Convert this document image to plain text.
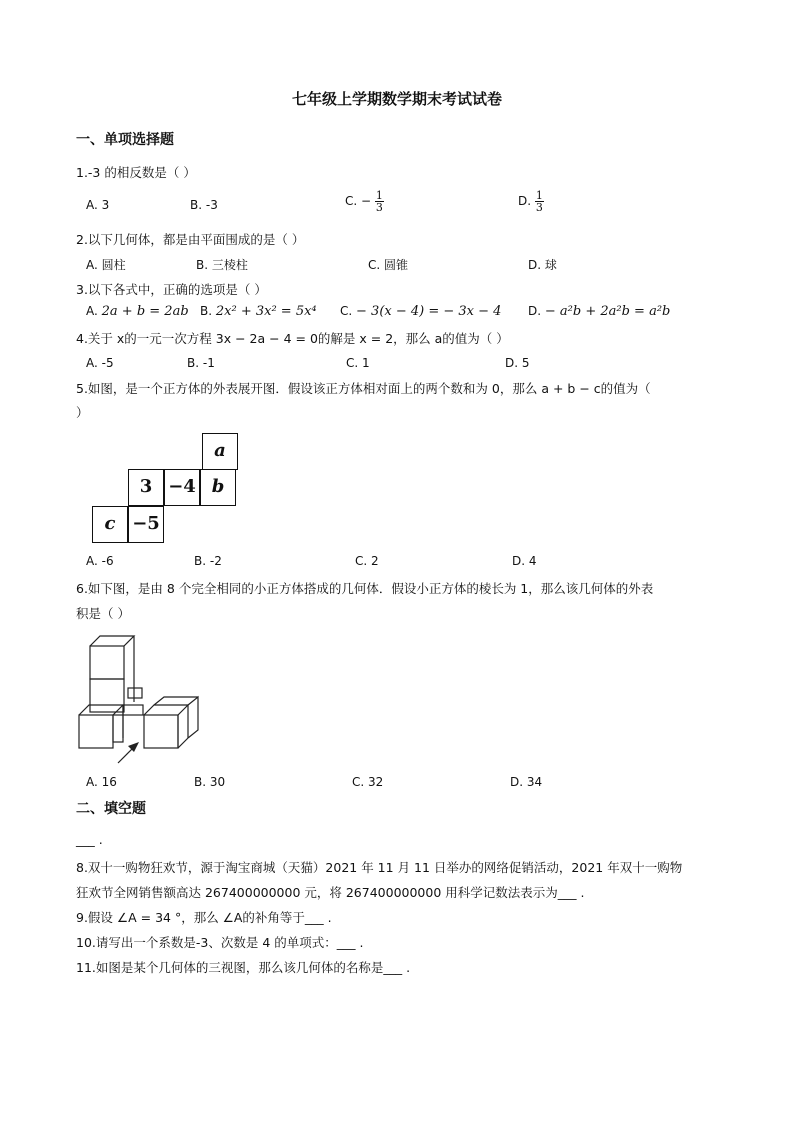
七年级上学期数学期末考试试卷
一、单项选择题
1.-3 的相反数是（ ）
A. 3	B. -3	C. − $\frac{1}{3}$	D. $\frac{1}{3}$
2.以下几何体，都是由平面围成的是（ ）
A. 圆柱	B. 三棱柱	C. 圆锥	D. 球
3.以下各式中，正确的选项是（ ）
A. 2a + b = 2ab B. 2x² + 3x² = 5x⁴ C. − 3(x − 4) = − 3x − 4 D. − a²b + 2a²b = a²b
4.关于 x的一元一次方程 3x − 2a − 4 = 0的解是 x = 2，那么 a的值为（ ）
A. -5	B. -1	C. 1	D. 5
5.如图，是一个正方体的外表展开图．假设该正方体相对面上的两个数和为 0，那么 a + b − c的值为（
）
a
3 −4 b
c −5
A. -6	B. -2	C. 2	D. 4
6.如下图，是由 8 个完全相同的小正方体搭成的几何体．假设小正方体的棱长为 1，那么该几何体的外表
积是（ ）
A. 16	B. 30	C. 32	D. 34
二、填空题
___ .
8.双十一购物狂欢节，源于淘宝商城（天猫）2021 年 11 月 11 日举办的网络促销活动，2021 年双十一购物
狂欢节全网销售额高达 267400000000 元，将 267400000000 用科学记数法表示为___ .
9.假设 ∠A = 34 °，那么 ∠A的补角等于___ .
10.请写出一个系数是-3、次数是 4 的单项式：___ .
11.如图是某个几何体的三视图，那么该几何体的名称是___ .
